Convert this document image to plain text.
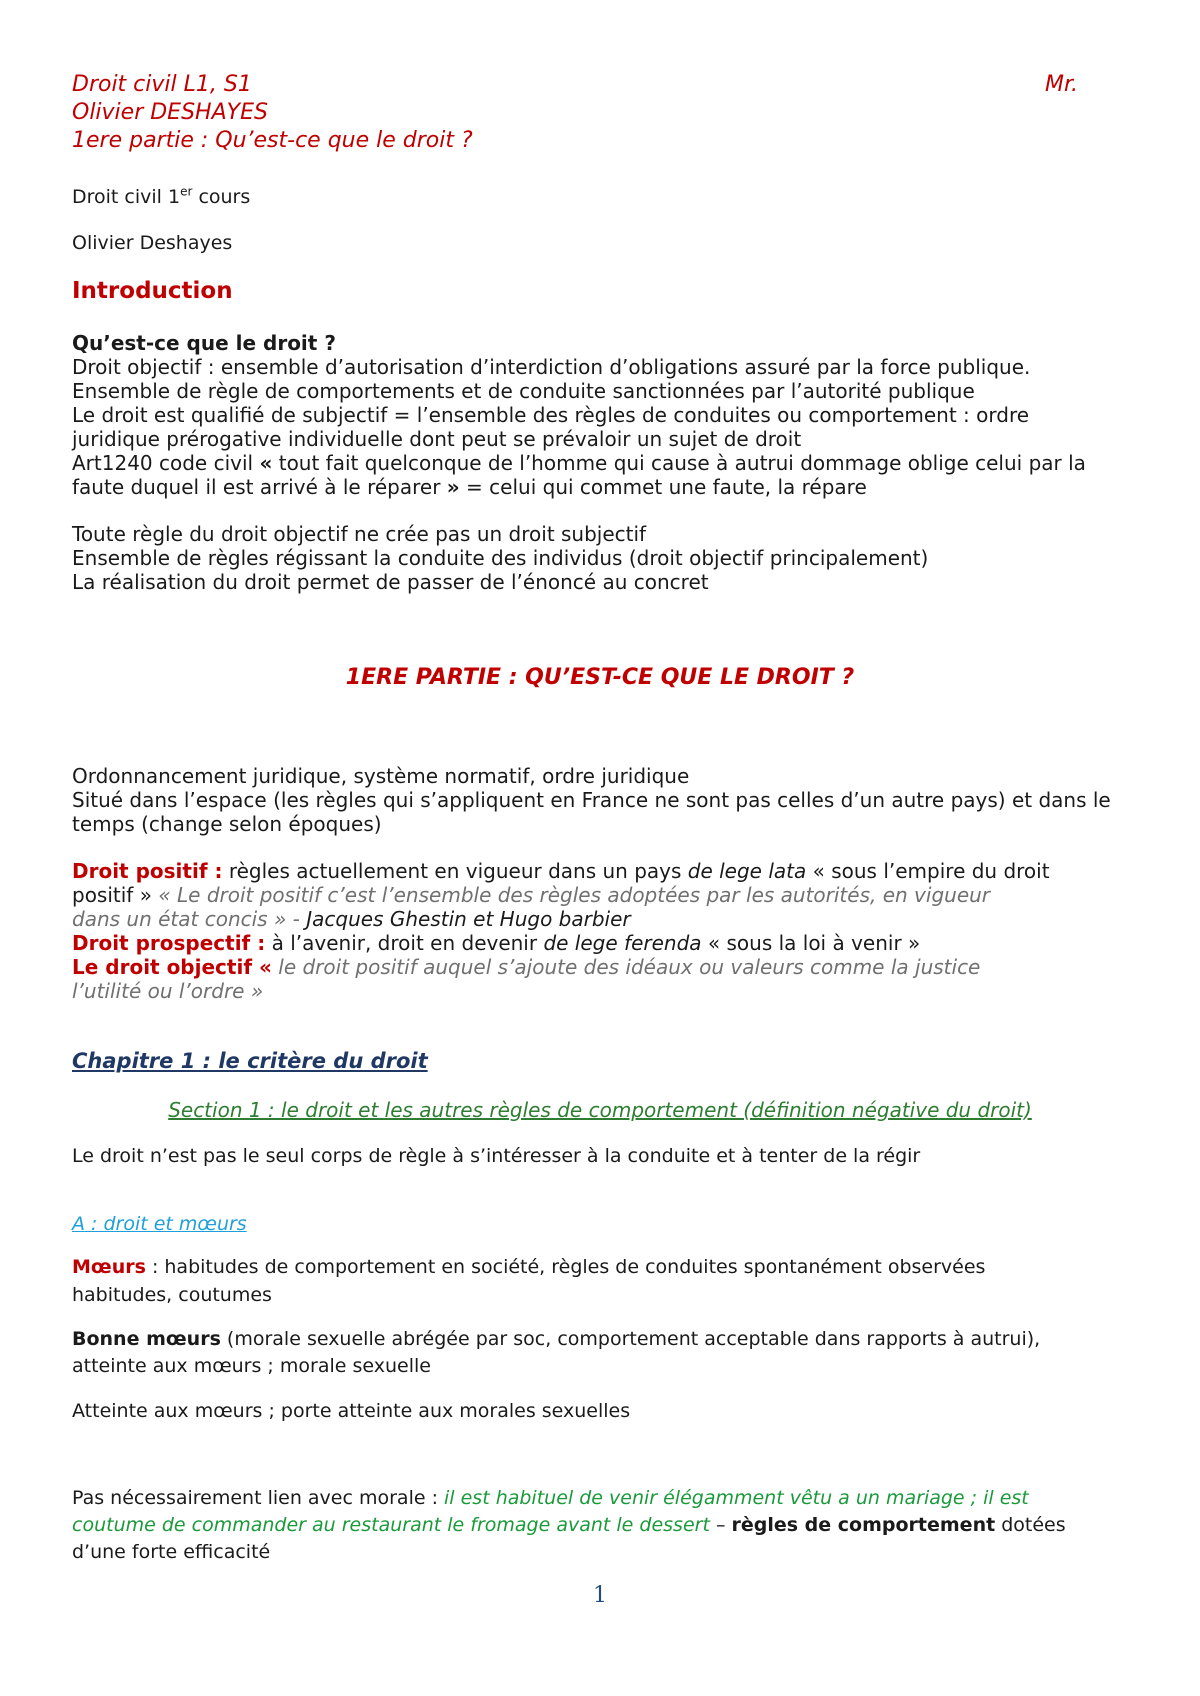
Droit civil L1, S1	Mr.
Olivier DESHAYES
1ere partie : Qu’est-ce que le droit ?
Droit civil 1er cours
Olivier Deshayes
Introduction
Qu’est-ce que le droit ?
Droit objectif : ensemble d’autorisation d’interdiction d’obligations assuré par la force publique.
Ensemble de règle de comportements et de conduite sanctionnées par l’autorité publique
Le droit est qualifié de subjectif = l’ensemble des règles de conduites ou comportement : ordre
juridique prérogative individuelle dont peut se prévaloir un sujet de droit
Art1240 code civil « tout fait quelconque de l’homme qui cause à autrui dommage oblige celui par la
faute duquel il est arrivé à le réparer » = celui qui commet une faute, la répare
Toute règle du droit objectif ne crée pas un droit subjectif
Ensemble de règles régissant la conduite des individus (droit objectif principalement)
La réalisation du droit permet de passer de l’énoncé au concret
1ERE PARTIE : QU’EST-CE QUE LE DROIT ?
Ordonnancement juridique, système normatif, ordre juridique
Situé dans l’espace (les règles qui s’appliquent en France ne sont pas celles d’un autre pays) et dans le
temps (change selon époques)
Droit positif : règles actuellement en vigueur dans un pays de lege lata « sous l’empire du droit
positif » « Le droit positif c’est l’ensemble des règles adoptées par les autorités, en vigueur
dans un état concis » - Jacques Ghestin et Hugo barbier
Droit prospectif : à l’avenir, droit en devenir de lege ferenda « sous la loi à venir »
Le droit objectif « le droit positif auquel s’ajoute des idéaux ou valeurs comme la justice
l’utilité ou l’ordre »
Chapitre 1 : le critère du droit
Section 1 : le droit et les autres règles de comportement (définition négative du droit)
Le droit n’est pas le seul corps de règle à s’intéresser à la conduite et à tenter de la régir
A : droit et mœurs
Mœurs : habitudes de comportement en société, règles de conduites spontanément observées
habitudes, coutumes
Bonne mœurs (morale sexuelle abrégée par soc, comportement acceptable dans rapports à autrui),
atteinte aux mœurs ; morale sexuelle
Atteinte aux mœurs ; porte atteinte aux morales sexuelles
Pas nécessairement lien avec morale : il est habituel de venir élégamment vêtu a un mariage ; il est
coutume de commander au restaurant le fromage avant le dessert – règles de comportement dotées
d’une forte efficacité
1
